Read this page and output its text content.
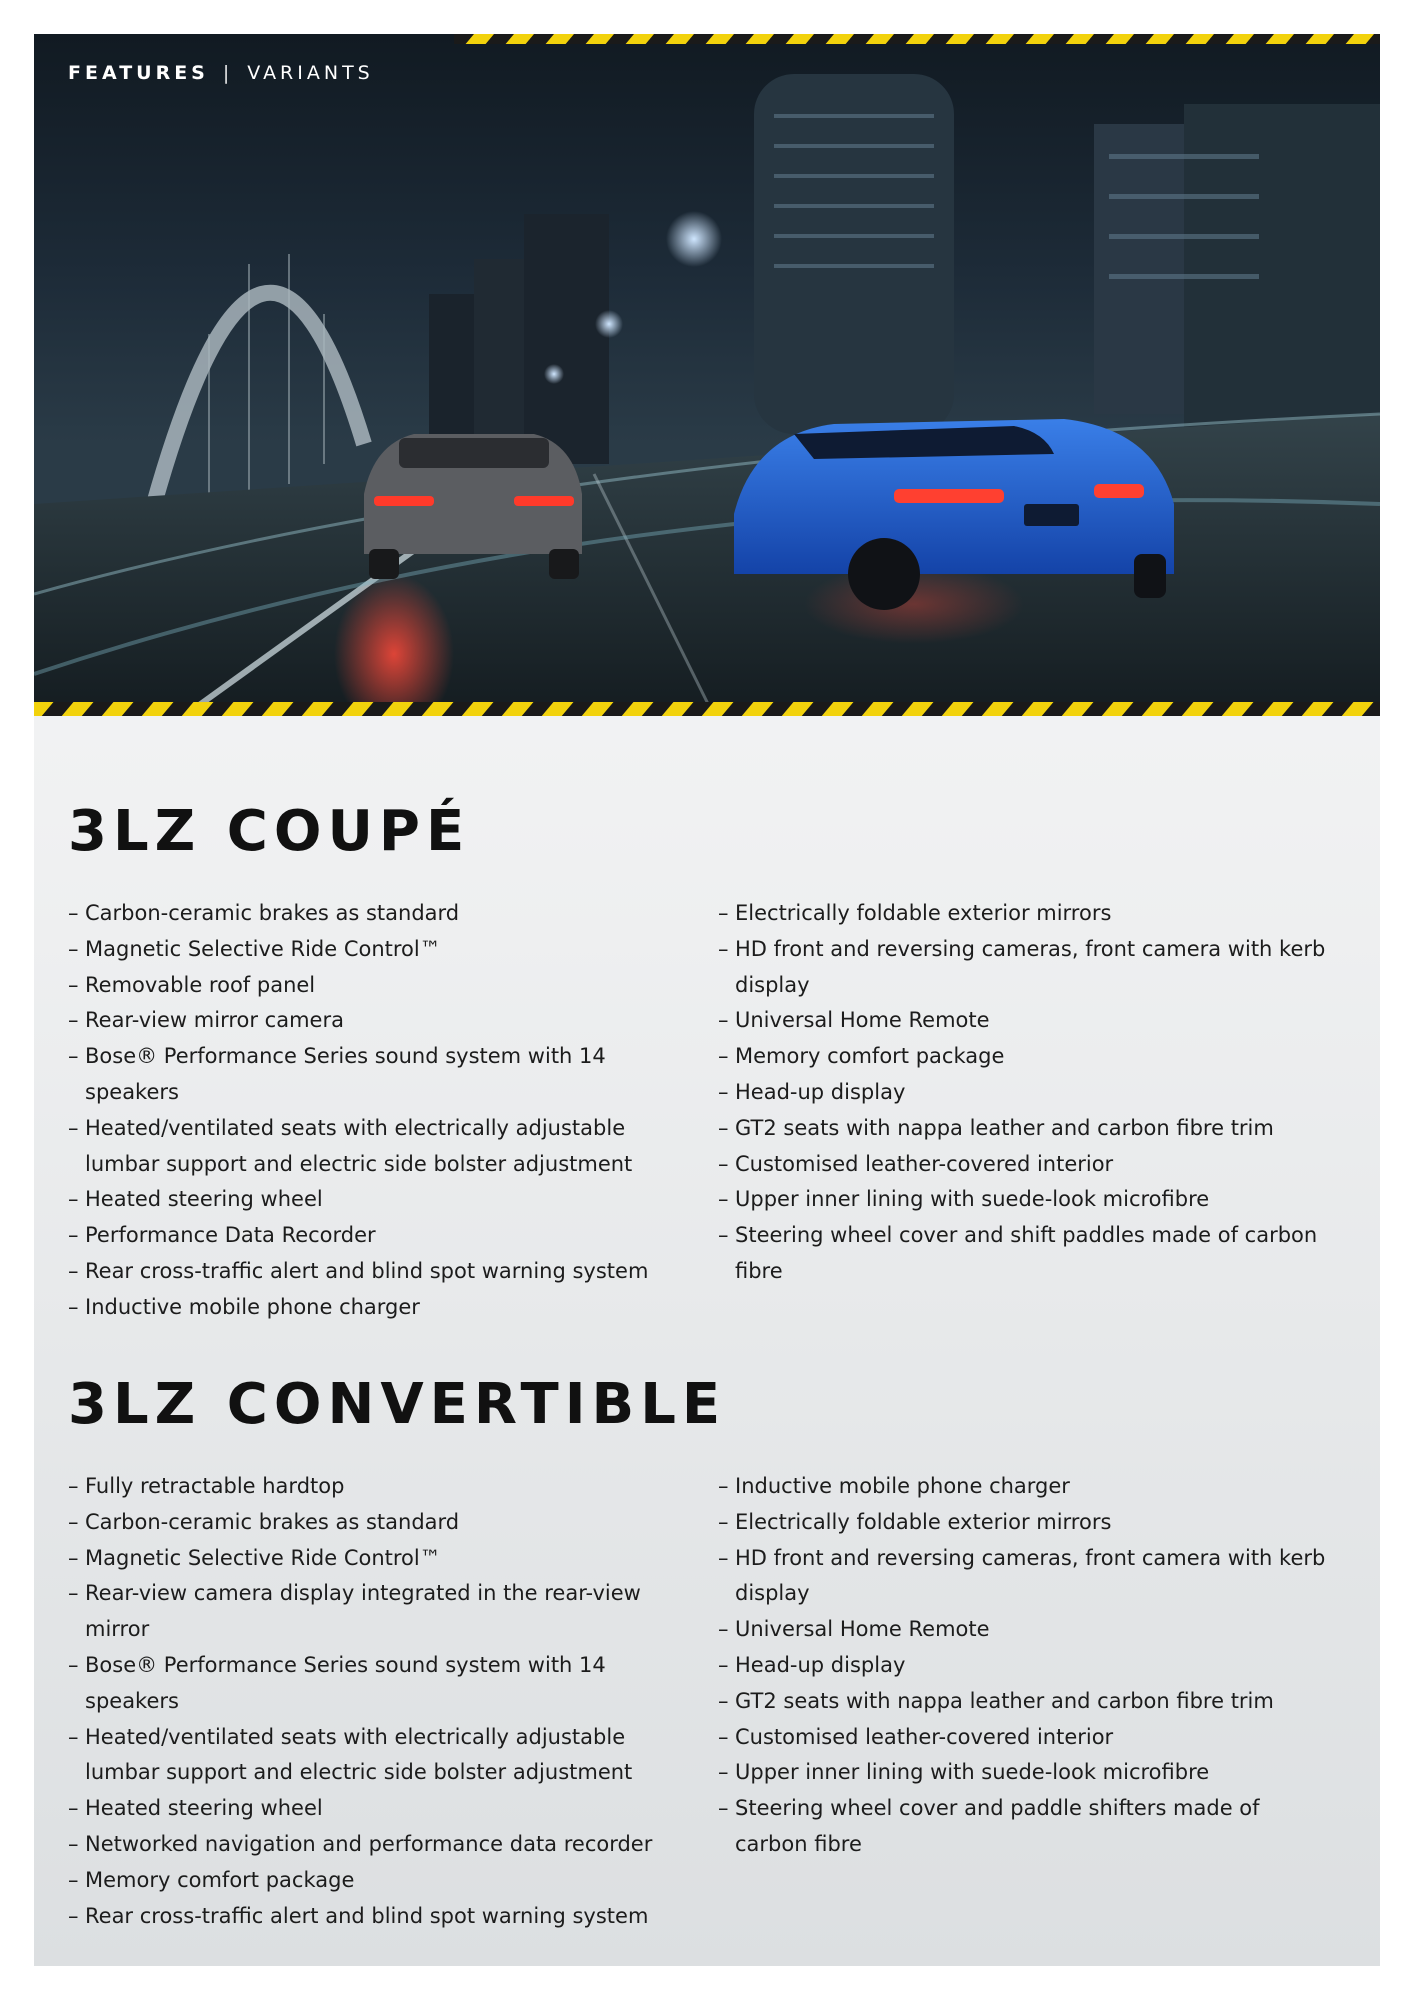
FEATURES | VARIANTS
3LZ COUPÉ
– Carbon-ceramic brakes as standard
– Magnetic Selective Ride Control™
– Removable roof panel
– Rear-view mirror camera
– Bose® Performance Series sound system with 14 speakers
– Heated/ventilated seats with electrically adjustable lumbar support and electric side bolster adjustment
– Heated steering wheel
– Performance Data Recorder
– Rear cross-traffic alert and blind spot warning system
– Inductive mobile phone charger
– Electrically foldable exterior mirrors
– HD front and reversing cameras, front camera with kerb display
– Universal Home Remote
– Memory comfort package
– Head-up display
– GT2 seats with nappa leather and carbon fibre trim
– Customised leather-covered interior
– Upper inner lining with suede-look microfibre
– Steering wheel cover and shift paddles made of carbon fibre
3LZ CONVERTIBLE
– Fully retractable hardtop
– Carbon-ceramic brakes as standard
– Magnetic Selective Ride Control™
– Rear-view camera display integrated in the rear-view mirror
– Bose® Performance Series sound system with 14 speakers
– Heated/ventilated seats with electrically adjustable lumbar support and electric side bolster adjustment
– Heated steering wheel
– Networked navigation and performance data recorder
– Memory comfort package
– Rear cross-traffic alert and blind spot warning system
– Inductive mobile phone charger
– Electrically foldable exterior mirrors
– HD front and reversing cameras, front camera with kerb display
– Universal Home Remote
– Head-up display
– GT2 seats with nappa leather and carbon fibre trim
– Customised leather-covered interior
– Upper inner lining with suede-look microfibre
– Steering wheel cover and paddle shifters made of carbon fibre
